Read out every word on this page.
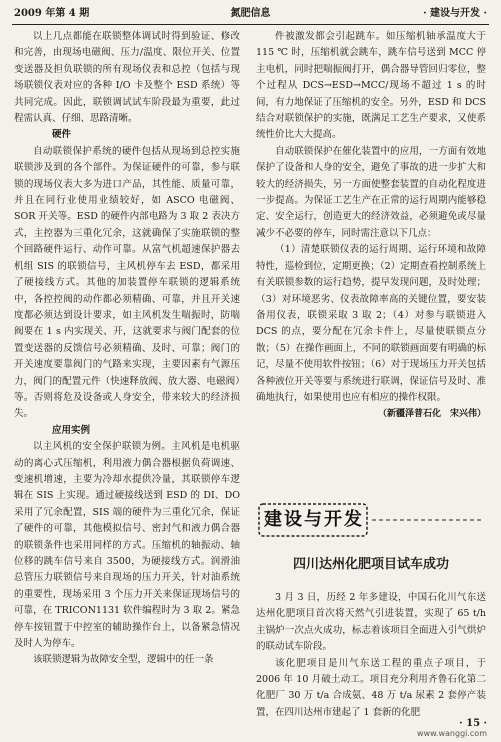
2009 年第 4 期	氮肥信息	· 建设与开发 ·

以上几点都能在联锁整体调试时得到验证、修改和完善，由现场电磁阀、压力/温度、限位开关、位置变送器及担负联锁的所有现场仪表和总控（包括与现场联锁仪表对应的各种 I/O 卡及整个 ESD 系统）等共同完成。因此，联锁调试试车阶段最为重要，此过程需认真、仔细、思路清晰。

硬件

自动联锁保护系统的硬件包括从现场到总控实施联锁涉及到的各个部件。为保证硬件的可靠，参与联锁的现场仪表大多为进口产品，其性能、质量可靠，并且在同行业使用业绩较好，如 ASCO 电磁阀、SOR 开关等。ESD 的硬件内部电路为 3 取 2 表决方式，主控器为三重化冗余，这就确保了实施联锁的整个回路硬件运行、动作可靠。从富气机超速保护器去机组 SIS 的联锁信号，主风机停车去 ESD，都采用了硬接线方式。其他的加装置停车联锁的逻辑系统中，各控控阀的动作都必须精确、可靠，并且开关速度都必须达到设计要求，如主风机发生喘振时，防喘阀要在 1 s 内实现关、开，这就要求与阀门配套的位置变送器的反馈信号必须精确、及时、可靠；阀门的开关速度要靠阀门的气路来实现，主要因素有气源压力，阀门的配置元件（快速释放阀、放大器、电磁阀）等。否则将危及设备或人身安全，带来较大的经济损失。

应用实例

以主风机的安全保护联锁为例。主风机是电机驱动的离心式压缩机，利用液力偶合器根据负荷调速、变速机增速，主要为冷却水提供冷量，其联锁停车逻辑在 SIS 上实现。通过硬接线送到 ESD 的 DI、DO 采用了冗余配置，SIS 端的硬件为三重化冗余，保证了硬件的可靠，其他模拟信号、密封气和液力偶合器的联锁条件也采用同样的方式。压缩机的轴振动、轴位移的跳车信号来自 3500，为硬接线方式。润滑油总管压力联锁信号来自现场的压力开关，针对油系统的重要性，现场采用 3 个压力开关来保证现场信号的可靠，在 TRICON1131 软件编程时为 3 取 2。紧急停车按钮置于中控室的辅助操作台上，以备紧急情况及时人为停车。

该联锁逻辑为故障安全型，逻辑中的任一条

件被激发都会引起跳车。如压缩机轴承温度大于 115 ℃ 时，压缩机就会跳车，跳车信号送到 MCC 停主电机，同时把喘振阀打开，偶合器导管回归零位，整个过程从 DCS→ESD→MCC/现场不超过 1 s 的时间，有力地保证了压缩机的安全。另外，ESD 和 DCS 结合对联锁保护的实施，既满足工艺生产要求，又使系统性价比大大提高。

自动联锁保护在催化装置中的应用，一方面有效地保护了设备和人身的安全，避免了事故的进一步扩大和较大的经济损失，另一方面使整套装置的自动化程度进一步提高。为保证工艺生产在正常的运行周期内能够稳定、安全运行，创造更大的经济效益，必须避免或尽量减少不必要的停车，同时需注意以下几点：

（1）清楚联锁仪表的运行周期、运行环境和故障特性，巡检到位，定期更换；（2）定期查看控制系统上有关联锁参数的运行趋势，提早发现问题，及时处理；（3）对环境恶劣、仪表故障率高的关键位置，要安装备用仪表，联锁采取 3 取 2；（4）对参与联锁进入 DCS 的点，要分配在冗余卡件上，尽量使联锁点分散；（5）在操作画面上，不同的联锁画面要有明确的标记，尽量不使用软件按钮；（6）对于现场压力开关包括各种液位开关等要与系统进行联调，保证信号及时、准确地执行，如果使用也应有相应的操作权限。

（新疆泽普石化　宋兴伟）

建设与开发
四川达州化肥项目试车成功

3 月 3 日，历经 2 年多建设，中国石化川气东送达州化肥项目首次将天然气引进装置，实现了 65 t/h 主锅炉一次点火成功，标志着该项目全面进入引气烘炉的联动试车阶段。

该化肥项目是川气东送工程的重点子项目，于 2006 年 10 月破土动工。项目充分利用齐鲁石化第二化肥厂 30 万 t/a 合成氨、48 万 t/a 尿素 2 套停产装置，在四川达州市建起了 1 套新的化肥

· 15 ·
www.wanggi.com
